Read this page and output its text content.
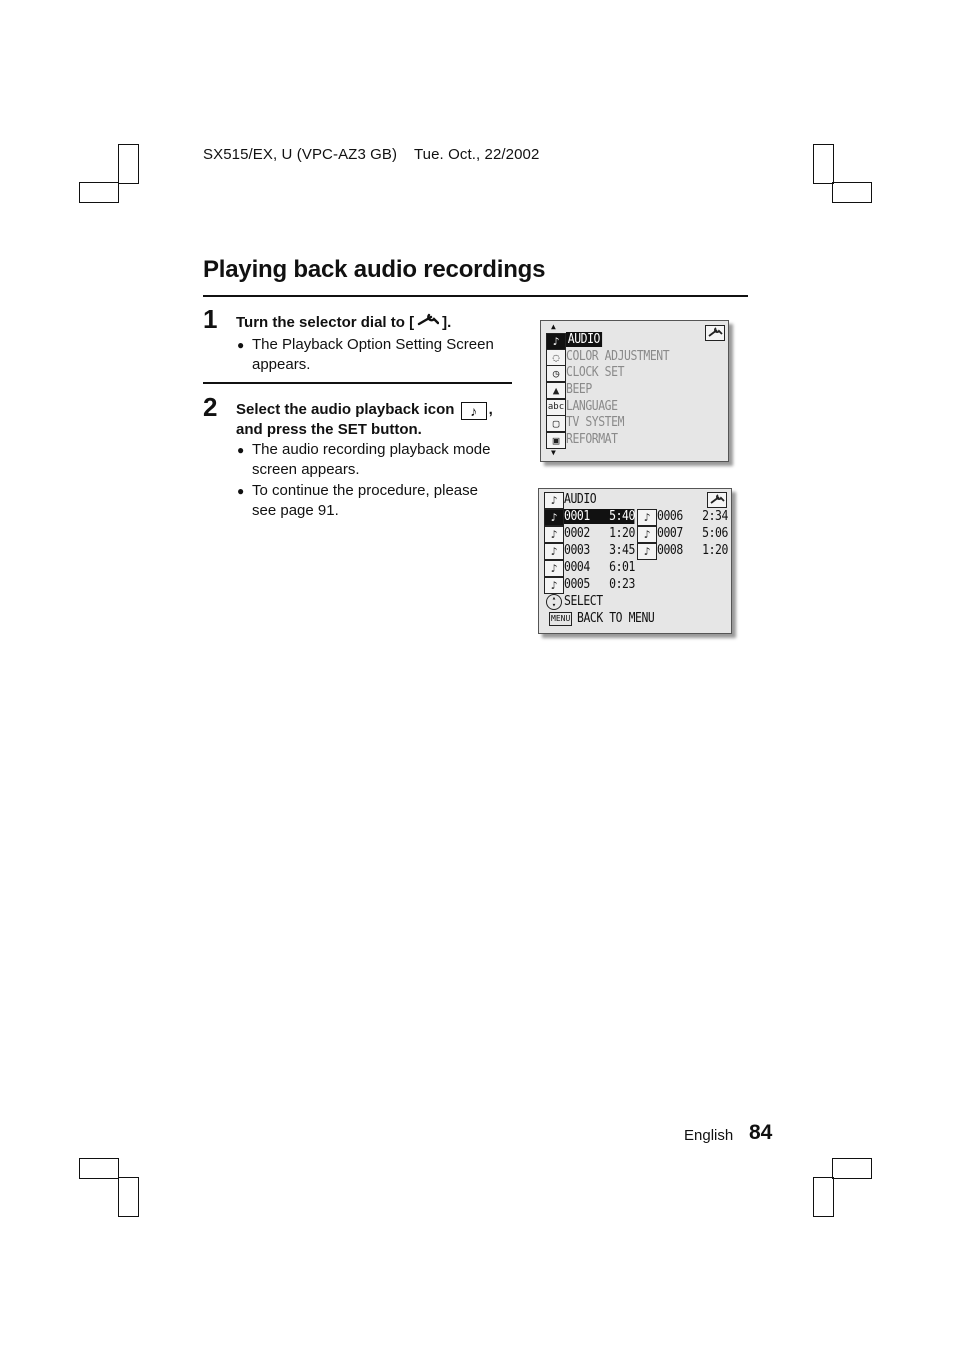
SX515/EX, U (VPC-AZ3 GB) Tue. Oct., 22/2002
Playing back audio recordings
1 Turn the selector dial to [ ].
● The Playback Option Setting Screen
appears.
2 Select the audio playback icon ♪ ,
and press the SET button.
● The audio recording playback mode
screen appears.
● To continue the procedure, please
see page 91.
▲
♪ AUDIO
◌ COLOR ADJUSTMENT
◷ CLOCK SET
▲ BEEP
abc LANGUAGE
▢ TV SYSTEM
▣ REFORMAT
▼
♪ AUDIO
♪ 0001 5:40
♪ 0002 1:20
♪ 0003 3:45
♪ 0004 6:01
♪ 0005 0:23
♪ 0006 2:34
♪ 0007 5:06
♪ 0008 1:20
▴
▾ SELECT
MENU BACK TO MENU
English 84
